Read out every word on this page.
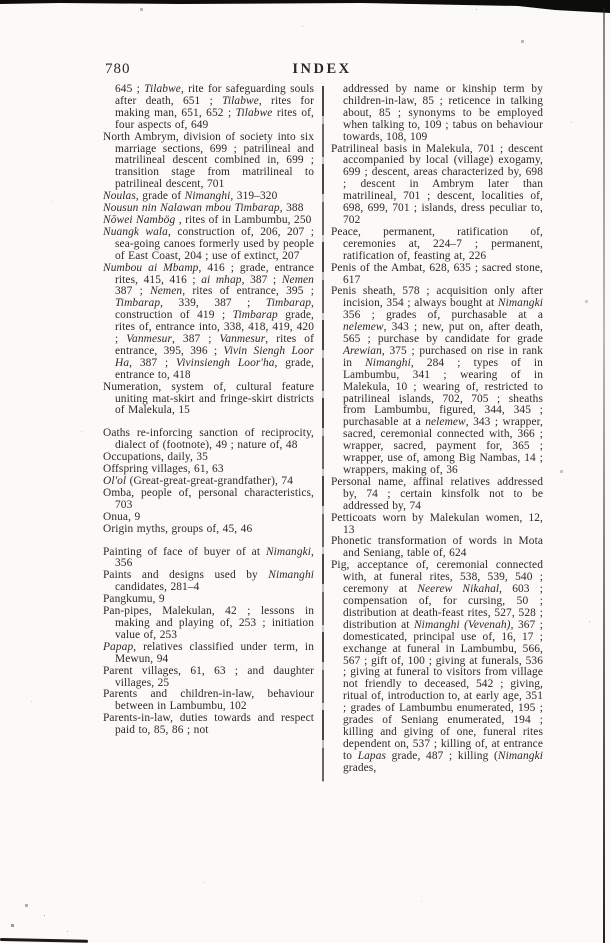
780	INDEX

645 ; Tilabwe, rite for safeguarding souls after death, 651 ; Tilabwe, rites for making man, 651, 652 ; Tilabwe rites of, four aspects of, 649

North Ambrym, division of society into six marriage sections, 699 ; patrilineal and matrilineal descent combined in, 699 ; transition stage from matrilineal to patrilineal descent, 701

Noulas, grade of Nimanghi, 319–320

Nousun nin Nalawan mbou Timbarap, 388

Nōwei Nambög , rites of in Lambumbu, 250

Nuangk wala, construction of, 206, 207 ; sea-going canoes formerly used by people of East Coast, 204 ; use of extinct, 207

Numbou ai Mbamp, 416 ; grade, entrance rites, 415, 416 ; ai mhap, 387 ; Nemen 387 ; Nemen, rites of entrance, 395 ; Timbarap, 339, 387 ; Timbarap, construction of 419 ; Timbarap grade, rites of, entrance into, 338, 418, 419, 420 ; Vanmesur, 387 ; Vanmesur, rites of entrance, 395, 396 ; Vivin Siengh Loor Ha, 387 ; Vivinsiengh Loor'ha, grade, entrance to, 418

Numeration, system of, cultural feature uniting mat-skirt and fringe-skirt districts of Malekula, 15

Oaths re-inforcing sanction of reciprocity, dialect of (footnote), 49 ; nature of, 48

Occupations, daily, 35

Offspring villages, 61, 63

Ol'ol (Great-great-great-grandfather), 74

Omba, people of, personal characteristics, 703

Onua, 9

Origin myths, groups of, 45, 46

Painting of face of buyer of at Nimangki, 356

Paints and designs used by Nimanghi candidates, 281–4

Pangkumu, 9

Pan-pipes, Malekulan, 42 ; lessons in making and playing of, 253 ; initiation value of, 253

Papap, relatives classified under term, in Mewun, 94

Parent villages, 61, 63 ; and daughter villages, 25

Parents and children-in-law, behaviour between in Lambumbu, 102

Parents-in-law, duties towards and respect paid to, 85, 86 ; not

addressed by name or kinship term by children-in-law, 85 ; reticence in talking about, 85 ; synonyms to be employed when talking to, 109 ; tabus on behaviour towards, 108, 109

Patrilineal basis in Malekula, 701 ; descent accompanied by local (village) exogamy, 699 ; descent, areas characterized by, 698 ; descent in Ambrym later than matrilineal, 701 ; descent, localities of, 698, 699, 701 ; islands, dress peculiar to, 702

Peace, permanent, ratification of, ceremonies at, 224–7 ; permanent, ratification of, feasting at, 226

Penis of the Ambat, 628, 635 ; sacred stone, 617

Penis sheath, 578 ; acquisition only after incision, 354 ; always bought at Nimangki 356 ; grades of, purchasable at a nelemew, 343 ; new, put on, after death, 565 ; purchase by candidate for grade Arewian, 375 ; purchased on rise in rank in Nimanghi, 284 ; types of in Lambumbu, 341 ; wearing of in Malekula, 10 ; wearing of, restricted to patrilineal islands, 702, 705 ; sheaths from Lambumbu, figured, 344, 345 ; purchasable at a nelemew, 343 ; wrapper, sacred, ceremonial connected with, 366 ; wrapper, sacred, payment for, 365 ; wrapper, use of, among Big Nambas, 14 ; wrappers, making of, 36

Personal name, affinal relatives addressed by, 74 ; certain kinsfolk not to be addressed by, 74

Petticoats worn by Malekulan women, 12, 13

Phonetic transformation of words in Mota and Seniang, table of, 624

Pig, acceptance of, ceremonial connected with, at funeral rites, 538, 539, 540 ; ceremony at Neerew Nikahal, 603 ; compensation of, for cursing, 50 ; distribution at death-feast rites, 527, 528 ; distribution at Nimanghi (Vevenah), 367 ; domesticated, principal use of, 16, 17 ; exchange at funeral in Lambumbu, 566, 567 ; gift of, 100 ; giving at funerals, 536 ; giving at funeral to visitors from village not friendly to deceased, 542 ; giving, ritual of, introduction to, at early age, 351 ; grades of Lambumbu enumerated, 195 ; grades of Seniang enumerated, 194 ; killing and giving of one, funeral rites dependent on, 537 ; killing of, at entrance to Lapas grade, 487 ; killing (Nimangki grades,
